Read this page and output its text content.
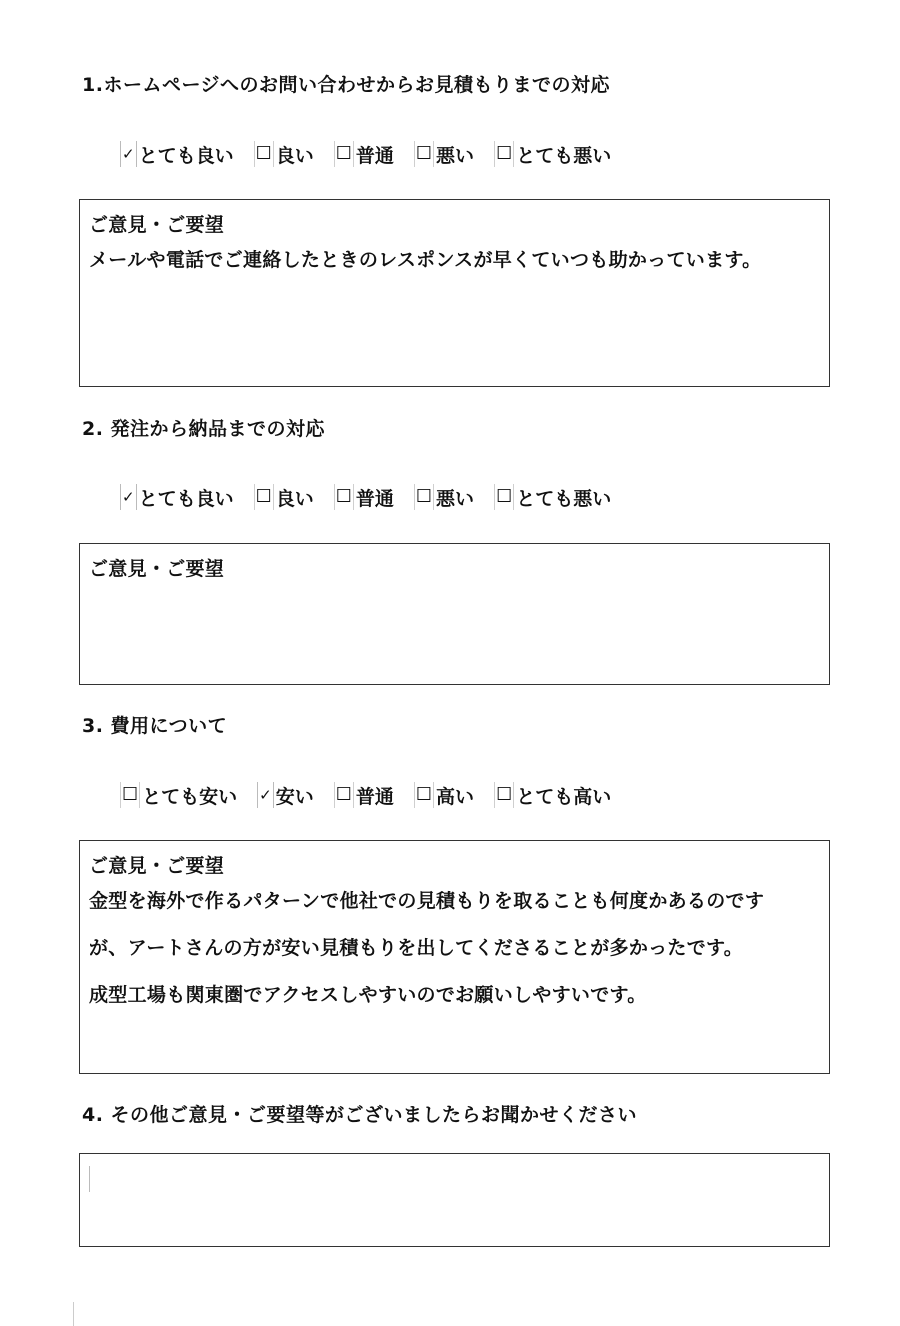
1.ホームページへのお問い合わせからお見積もりまでの対応
✓ とても良い ☐ 良い ☐ 普通 ☐ 悪い ☐ とても悪い
ご意見・ご要望
メールや電話でご連絡したときのレスポンスが早くていつも助かっています。
2. 発注から納品までの対応
✓ とても良い ☐ 良い ☐ 普通 ☐ 悪い ☐ とても悪い
ご意見・ご要望
3. 費用について
☐ とても安い ✓ 安い ☐ 普通 ☐ 高い ☐ とても高い
ご意見・ご要望
金型を海外で作るパターンで他社での見積もりを取ることも何度かあるのです
が、アートさんの方が安い見積もりを出してくださることが多かったです。
成型工場も関東圏でアクセスしやすいのでお願いしやすいです。
4. その他ご意見・ご要望等がございましたらお聞かせください
